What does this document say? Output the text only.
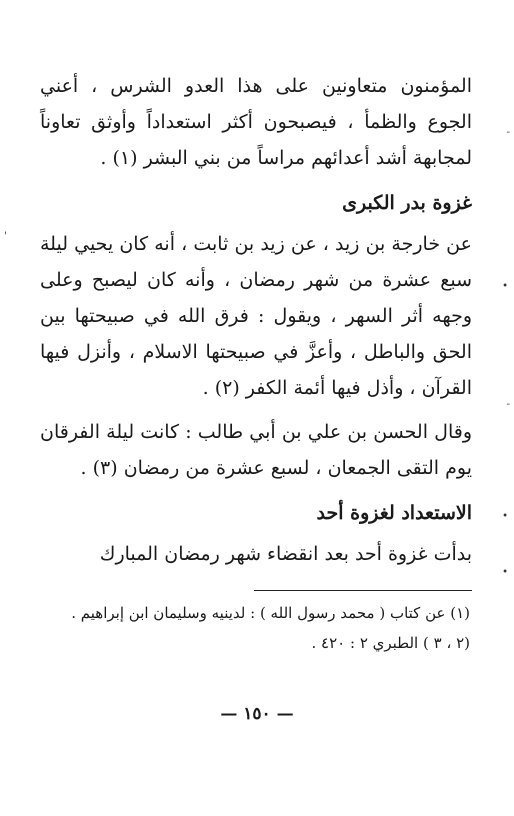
المؤمنون متعاونين على هذا العدو الشرس ، أعني الجوع والظمأ ، فيصبحون أكثر استعداداً وأوثق تعاوناً لمجابهة أشد أعدائهم مراساً من بني البشر (١) .

غزوة بدر الكبرى

عن خارجة بن زيد ، عن زيد بن ثابت ، أنه كان يحيي ليلة سبع عشرة من شهر رمضان ، وأنه كان ليصبح وعلى وجهه أثر السهر ، ويقول : فرق الله في صبيحتها بين الحق والباطل ، وأعزَّ في صبيحتها الاسلام ، وأنزل فيها القرآن ، وأذل فيها أئمة الكفر (٢) .

وقال الحسن بن علي بن أبي طالب : كانت ليلة الفرقان يوم التقى الجمعان ، لسبع عشرة من رمضان (٣) .

الاستعداد لغزوة أحد

بدأت غزوة أحد بعد انقضاء شهر رمضان المبارك

(١) عن كتاب ( محمد رسول الله ) : لدينيه وسليمان ابن إبراهيم .

(٢ ، ٣ ) الطبري ٢ : ٤٢٠ .

— ١٥٠ —
-
'
•
-
•
•
